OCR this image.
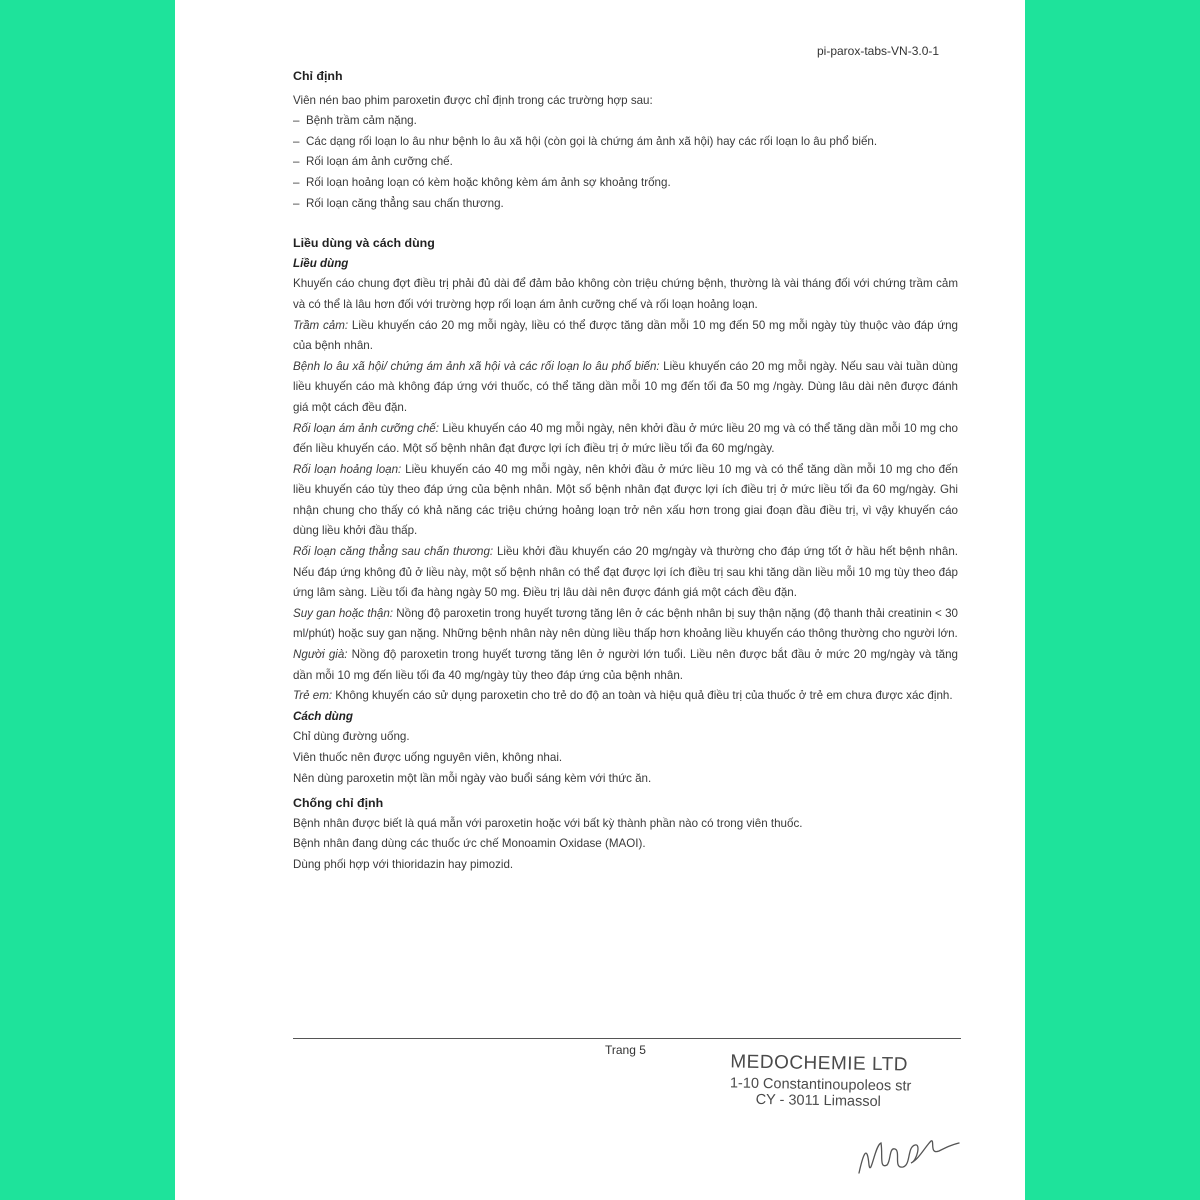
pi-parox-tabs-VN-3.0-1

Chỉ định

Viên nén bao phim paroxetin được chỉ định trong các trường hợp sau:

– Bệnh trầm cảm nặng.
– Các dạng rối loạn lo âu như bệnh lo âu xã hội (còn gọi là chứng ám ảnh xã hội) hay các rối loạn lo âu phổ biến.
– Rối loạn ám ảnh cưỡng chế.
– Rối loạn hoảng loạn có kèm hoặc không kèm ám ảnh sợ khoảng trống.
– Rối loạn căng thẳng sau chấn thương.

Liều dùng và cách dùng

Liều dùng

Khuyến cáo chung đợt điều trị phải đủ dài để đảm bảo không còn triệu chứng bệnh, thường là vài tháng đối với chứng trầm cảm và có thể là lâu hơn đối với trường hợp rối loạn ám ảnh cưỡng chế và rối loạn hoảng loạn.

Trầm cảm: Liều khuyến cáo 20 mg mỗi ngày, liều có thể được tăng dần mỗi 10 mg đến 50 mg mỗi ngày tùy thuộc vào đáp ứng của bệnh nhân.

Bệnh lo âu xã hội/ chứng ám ảnh xã hội và các rối loạn lo âu phổ biến: Liều khuyến cáo 20 mg mỗi ngày. Nếu sau vài tuần dùng liều khuyến cáo mà không đáp ứng với thuốc, có thể tăng dần mỗi 10 mg đến tối đa 50 mg /ngày. Dùng lâu dài nên được đánh giá một cách đều đặn.

Rối loạn ám ảnh cưỡng chế: Liều khuyến cáo 40 mg mỗi ngày, nên khởi đầu ở mức liều 20 mg và có thể tăng dần mỗi 10 mg cho đến liều khuyến cáo. Một số bệnh nhân đạt được lợi ích điều trị ở mức liều tối đa 60 mg/ngày.

Rối loạn hoảng loạn: Liều khuyến cáo 40 mg mỗi ngày, nên khởi đầu ở mức liều 10 mg và có thể tăng dần mỗi 10 mg cho đến liều khuyến cáo tùy theo đáp ứng của bệnh nhân. Một số bệnh nhân đạt được lợi ích điều trị ở mức liều tối đa 60 mg/ngày. Ghi nhận chung cho thấy có khả năng các triệu chứng hoảng loạn trở nên xấu hơn trong giai đoạn đầu điều trị, vì vậy khuyến cáo dùng liều khởi đầu thấp.

Rối loạn căng thẳng sau chấn thương: Liều khởi đầu khuyến cáo 20 mg/ngày và thường cho đáp ứng tốt ở hầu hết bệnh nhân. Nếu đáp ứng không đủ ở liều này, một số bệnh nhân có thể đạt được lợi ích điều trị sau khi tăng dần liều mỗi 10 mg tùy theo đáp ứng lâm sàng. Liều tối đa hàng ngày 50 mg. Điều trị lâu dài nên được đánh giá một cách đều đặn.

Suy gan hoặc thận: Nồng độ paroxetin trong huyết tương tăng lên ở các bệnh nhân bị suy thận nặng (độ thanh thải creatinin < 30 ml/phút) hoặc suy gan nặng. Những bệnh nhân này nên dùng liều thấp hơn khoảng liều khuyến cáo thông thường cho người lớn.

Người già: Nồng độ paroxetin trong huyết tương tăng lên ở người lớn tuổi. Liều nên được bắt đầu ở mức 20 mg/ngày và tăng dần mỗi 10 mg đến liều tối đa 40 mg/ngày tùy theo đáp ứng của bệnh nhân.

Trẻ em: Không khuyến cáo sử dụng paroxetin cho trẻ do độ an toàn và hiệu quả điều trị của thuốc ở trẻ em chưa được xác định.

Cách dùng

Chỉ dùng đường uống.

Viên thuốc nên được uống nguyên viên, không nhai.

Nên dùng paroxetin một lần mỗi ngày vào buổi sáng kèm với thức ăn.

Chống chỉ định

Bệnh nhân được biết là quá mẫn với paroxetin hoặc với bất kỳ thành phần nào có trong viên thuốc.

Bệnh nhân đang dùng các thuốc ức chế Monoamin Oxidase (MAOI).

Dùng phối hợp với thioridazin hay pimozid.

Trang 5
MEDOCHEMIE LTD
1-10 Constantinoupoleos str
CY - 3011 Limassol
